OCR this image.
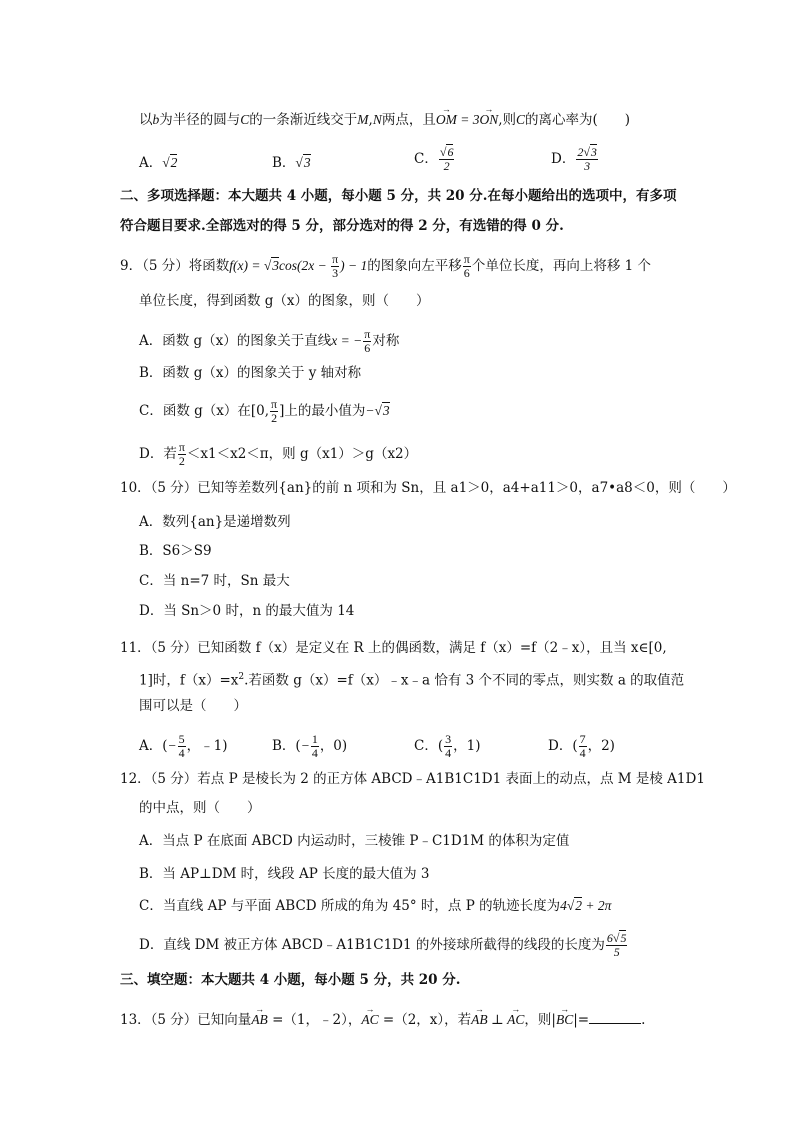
以b为半径的圆与C的一条渐近线交于M,N两点，且→ OM = 3→ ON,则C的离心率为(　　)
A．√2	B．√3	C． $\frac{√6}{2}$	D． $\frac{2√3}{3}$
二、多项选择题：本大题共 4 小题，每小题 5 分，共 20 分.在每小题给出的选项中，有多项
符合题目要求.全部选对的得 5 分，部分选对的得 2 分，有选错的得 0 分.
9．（5 分）将函数$f(x) = √3\cos(2x - \frac{\pi}{3}$ ) − 1的图象向左平移 $\frac{\pi}{6}$ 个单位长度，再向上将移 1 个
单位长度，得到函数 g（x）的图象，则（　　）
A．函数 g（x）的图象关于直线x = − $\frac{\pi}{6}$ 对称
B．函数 g（x）的图象关于 y 轴对称
C．函数 g（x）在[0, $\frac{\pi}{2}$ ]上的最小值为−√3
D．若 $\frac{\pi}{2} <x1<x2<\pi$，则 g（x1）＞g（x2）
10．（5 分）已知等差数列{an}的前 n 项和为 Sn，且 a1＞0，a4+a11＞0，a7•a8＜0，则（　　）
A．数列{an}是递增数列
B．S6＞S9
C．当 n=7 时，Sn 最大
D．当 Sn＞0 时，n 的最大值为 14
11．（5 分）已知函数 f（x）是定义在 R 上的偶函数，满足 f（x）=f（2﹣x），且当 x∈[0,
1]时，$f(x)=x^2$.若函数 g（x）=f（x）﹣x﹣a 恰有 3 个不同的零点，则实数 a 的取值范
围可以是（　　）
A．(− $\frac{5}{4}$ ，﹣1)	B．(− $\frac{1}{4}$ ，0)	C．( $\frac{3}{4}$ ，1)	D．( $\frac{7}{4}$ ，2)
12．（5 分）若点 P 是棱长为 2 的正方体 ABCD﹣A1B1C1D1 表面上的动点，点 M 是棱 A1D1
的中点，则（　　）
A．当点 P 在底面 ABCD 内运动时，三棱锥 P﹣C1D1M 的体积为定值
B．当 AP⊥DM 时，线段 AP 长度的最大值为 3
C．当直线 AP 与平面 ABCD 所成的角为 45° 时，点 P 的轨迹长度为4√2 + 2π
D．直线 DM 被正方体 ABCD﹣A1B1C1D1 的外接球所截得的线段的长度为 $\frac{6√5}{5}$
三、填空题：本大题共 4 小题，每小题 5 分，共 20 分.
13．（5 分）已知向量→ AB =（1，﹣2），→ AC =（2，x），若→ AB ⊥ → AC，则|→ BC|=	.
